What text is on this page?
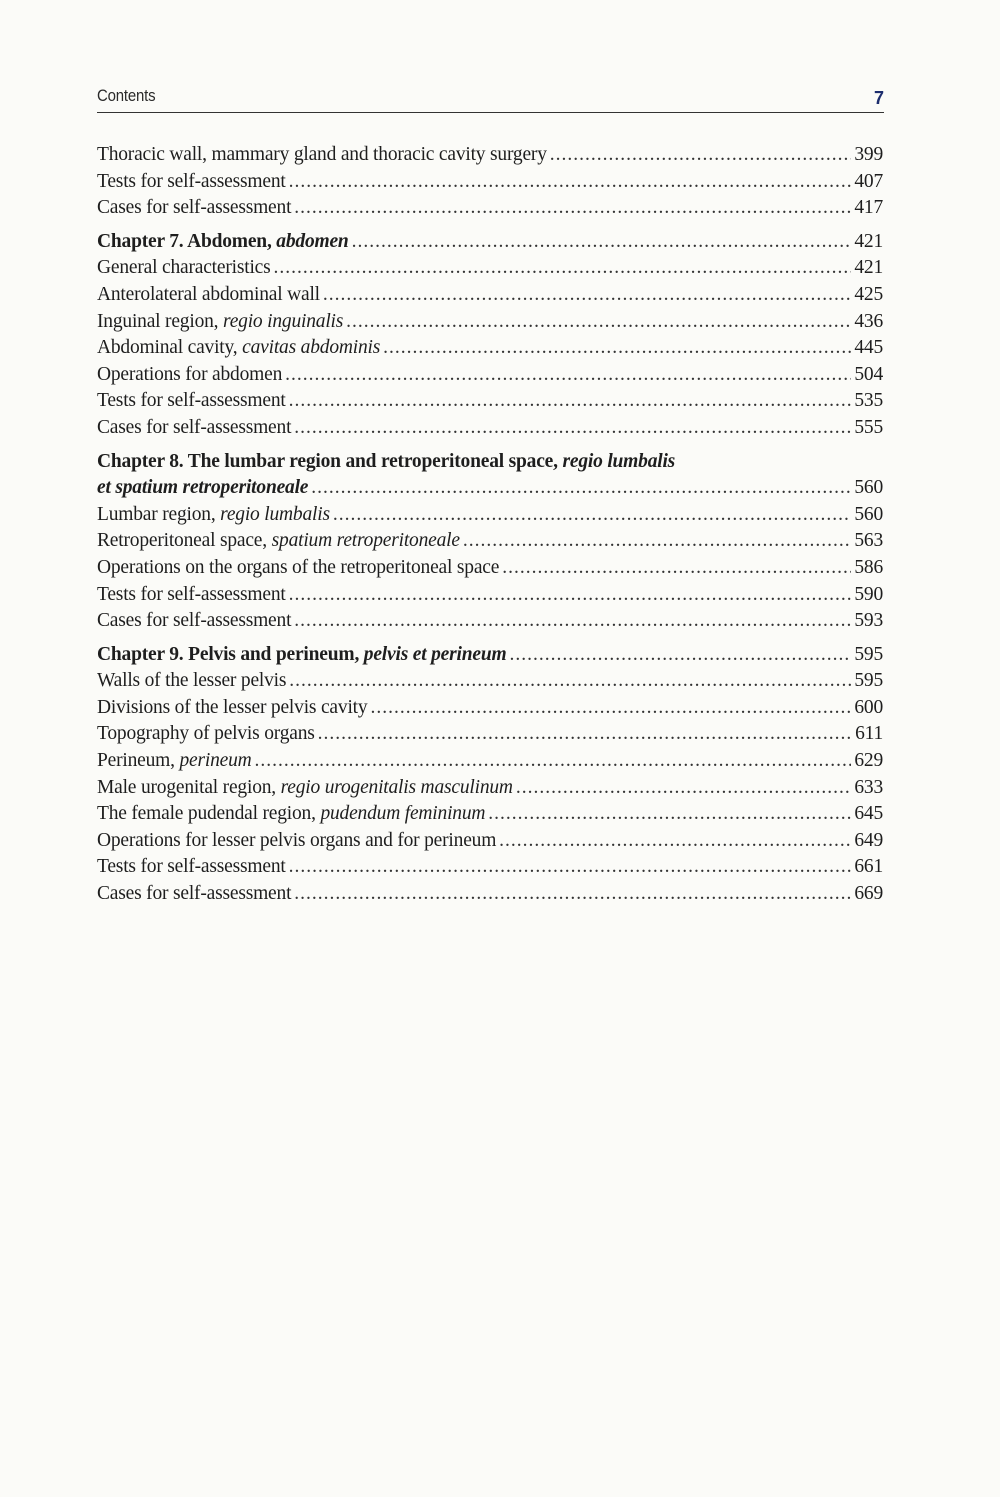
Contents	7
Thoracic wall, mammary gland and thoracic cavity surgery .....	399
Tests for self-assessment .....	407
Cases for self-assessment .....	417
Chapter 7. Abdomen, abdomen .....	421
General characteristics .....	421
Anterolateral abdominal wall .....	425
Inguinal region, regio inguinalis .....	436
Abdominal cavity, cavitas abdominis .....	445
Operations for abdomen .....	504
Tests for self-assessment .....	535
Cases for self-assessment .....	555
Chapter 8. The lumbar region and retroperitoneal space, regio lumbalis
et spatium retroperitoneale .....	560
Lumbar region, regio lumbalis .....	560
Retroperitoneal space, spatium retroperitoneale .....	563
Operations on the organs of the retroperitoneal space .....	586
Tests for self-assessment .....	590
Cases for self-assessment .....	593
Chapter 9. Pelvis and perineum, pelvis et perineum .....	595
Walls of the lesser pelvis .....	595
Divisions of the lesser pelvis cavity .....	600
Topography of pelvis organs .....	611
Perineum, perineum .....	629
Male urogenital region, regio urogenitalis masculinum .....	633
The female pudendal region, pudendum femininum .....	645
Operations for lesser pelvis organs and for perineum .....	649
Tests for self-assessment .....	661
Cases for self-assessment .....	669
